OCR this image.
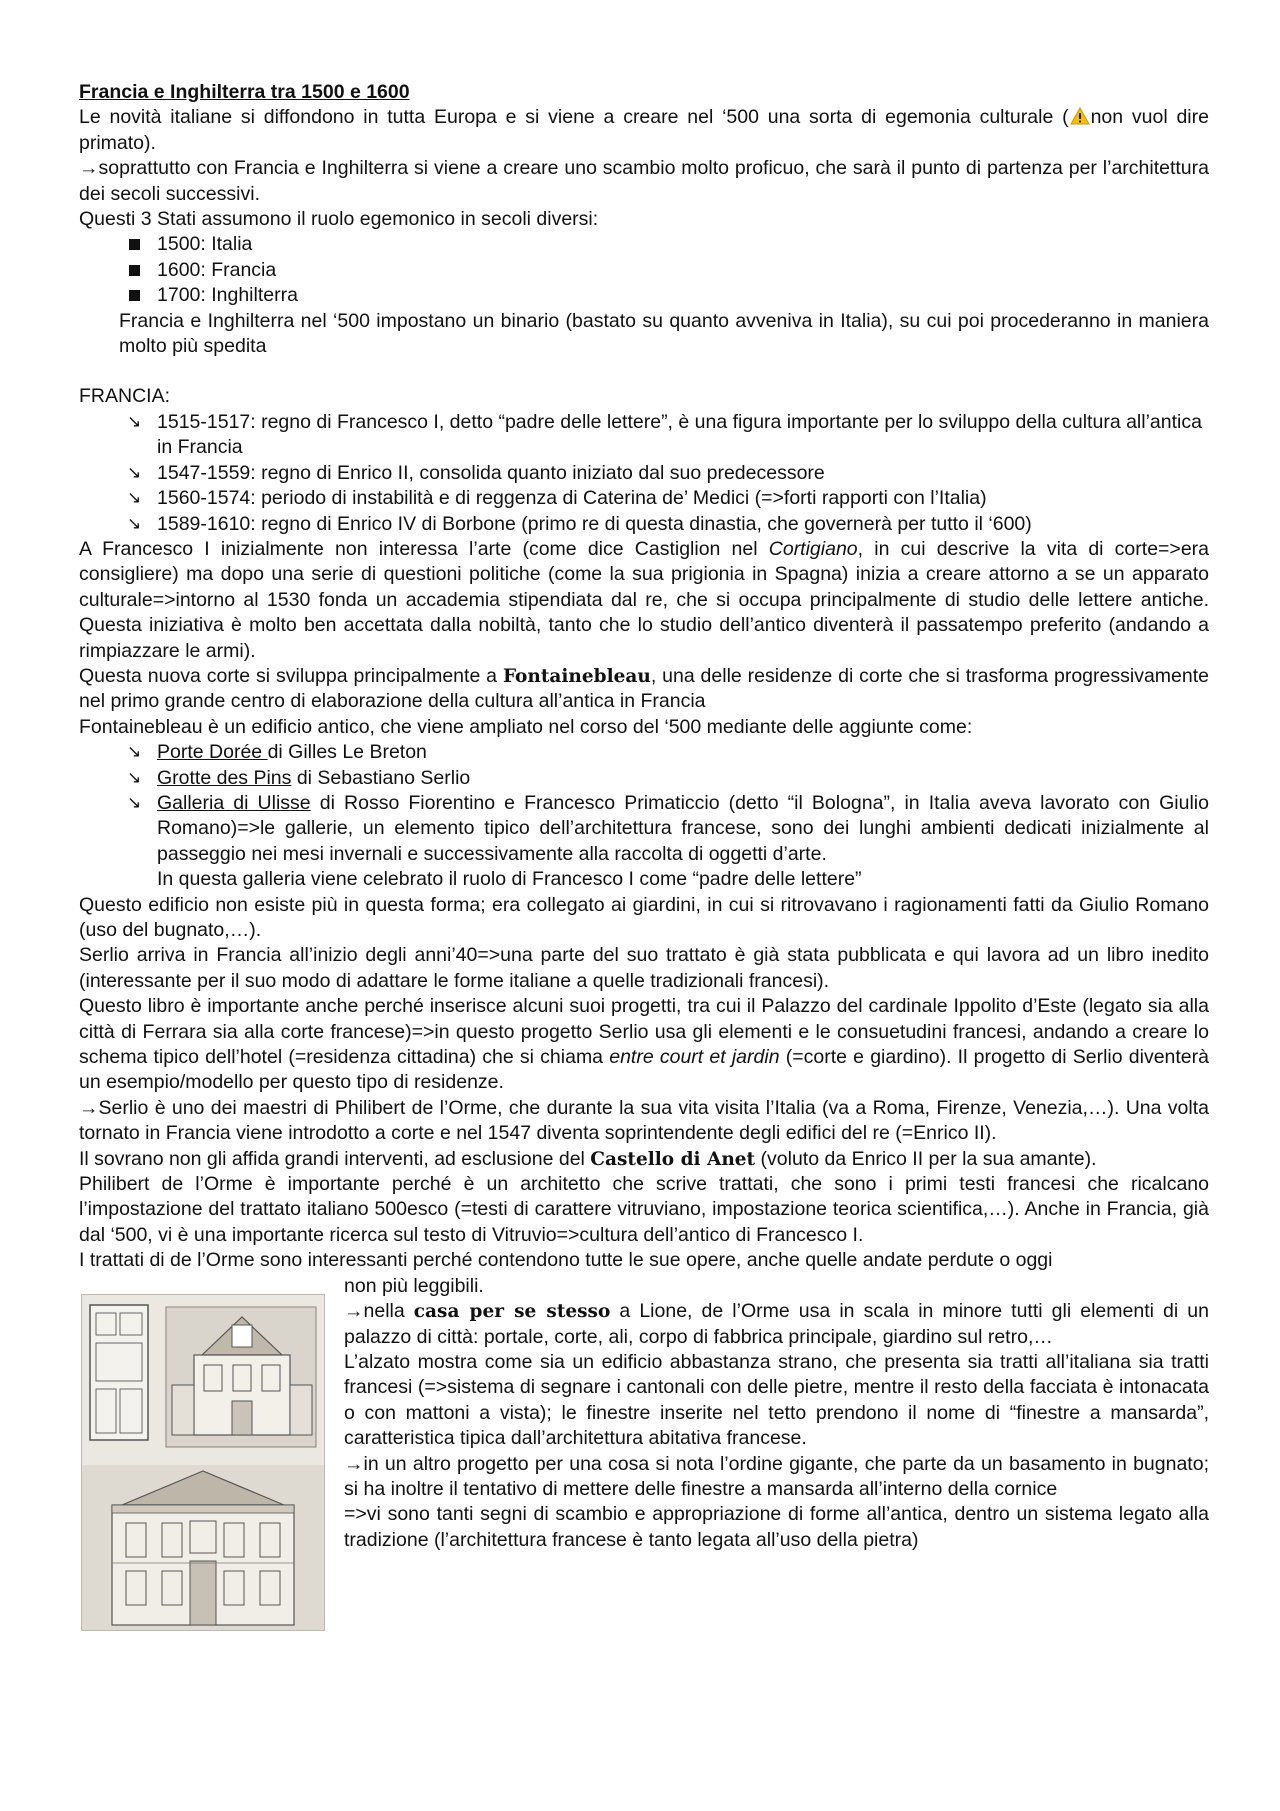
Francia e Inghilterra tra 1500 e 1600

Le novità italiane si diffondono in tutta Europa e si viene a creare nel ‘500 una sorta di egemonia culturale ( non vuol dire primato).

→soprattutto con Francia e Inghilterra si viene a creare uno scambio molto proficuo, che sarà il punto di partenza per l’architettura dei secoli successivi.

Questi 3 Stati assumono il ruolo egemonico in secoli diversi:

1500: Italia
1600: Francia
1700: Inghilterra

Francia e Inghilterra nel ‘500 impostano un binario (bastato su quanto avveniva in Italia), su cui poi procederanno in maniera molto più spedita

FRANCIA:

↘ 1515-1517: regno di Francesco I, detto “padre delle lettere”, è una figura importante per lo sviluppo della cultura all’antica in Francia
↘ 1547-1559: regno di Enrico II, consolida quanto iniziato dal suo predecessore
↘ 1560-1574: periodo di instabilità e di reggenza di Caterina de’ Medici (=>forti rapporti con l’Italia)
↘ 1589-1610: regno di Enrico IV di Borbone (primo re di questa dinastia, che governerà per tutto il ‘600)

A Francesco I inizialmente non interessa l’arte (come dice Castiglion nel Cortigiano, in cui descrive la vita di corte=>era consigliere) ma dopo una serie di questioni politiche (come la sua prigionia in Spagna) inizia a creare attorno a se un apparato culturale=>intorno al 1530 fonda un accademia stipendiata dal re, che si occupa principalmente di studio delle lettere antiche. Questa iniziativa è molto ben accettata dalla nobiltà, tanto che lo studio dell’antico diventerà il passatempo preferito (andando a rimpiazzare le armi).

Questa nuova corte si sviluppa principalmente a Fontainebleau, una delle residenze di corte che si trasforma progressivamente nel primo grande centro di elaborazione della cultura all’antica in Francia

Fontainebleau è un edificio antico, che viene ampliato nel corso del ‘500 mediante delle aggiunte come:

↘ Porte Dorée di Gilles Le Breton
↘ Grotte des Pins di Sebastiano Serlio
↘ Galleria di Ulisse di Rosso Fiorentino e Francesco Primaticcio (detto “il Bologna”, in Italia aveva lavorato con Giulio Romano)=>le gallerie, un elemento tipico dell’architettura francese, sono dei lunghi ambienti dedicati inizialmente al passeggio nei mesi invernali e successivamente alla raccolta di oggetti d’arte.

In questa galleria viene celebrato il ruolo di Francesco I come “padre delle lettere”

Questo edificio non esiste più in questa forma; era collegato ai giardini, in cui si ritrovavano i ragionamenti fatti da Giulio Romano (uso del bugnato,…).

Serlio arriva in Francia all’inizio degli anni’40=>una parte del suo trattato è già stata pubblicata e qui lavora ad un libro inedito (interessante per il suo modo di adattare le forme italiane a quelle tradizionali francesi).

Questo libro è importante anche perché inserisce alcuni suoi progetti, tra cui il Palazzo del cardinale Ippolito d’Este (legato sia alla città di Ferrara sia alla corte francese)=>in questo progetto Serlio usa gli elementi e le consuetudini francesi, andando a creare lo schema tipico dell’hotel (=residenza cittadina) che si chiama entre court et jardin (=corte e giardino). Il progetto di Serlio diventerà un esempio/modello per questo tipo di residenze.

→Serlio è uno dei maestri di Philibert de l’Orme, che durante la sua vita visita l’Italia (va a Roma, Firenze, Venezia,…). Una volta tornato in Francia viene introdotto a corte e nel 1547 diventa soprintendente degli edifici del re (=Enrico II).

Il sovrano non gli affida grandi interventi, ad esclusione del Castello di Anet (voluto da Enrico II per la sua amante).

Philibert de l’Orme è importante perché è un architetto che scrive trattati, che sono i primi testi francesi che ricalcano l’impostazione del trattato italiano 500esco (=testi di carattere vitruviano, impostazione teorica scientifica,…). Anche in Francia, già dal ‘500, vi è una importante ricerca sul testo di Vitruvio=>cultura dell’antico di Francesco I.

I trattati di de l’Orme sono interessanti perché contendono tutte le sue opere, anche quelle andate perdute o oggi

non più leggibili.

→nella casa per se stesso a Lione, de l’Orme usa in scala in minore tutti gli elementi di un palazzo di città: portale, corte, ali, corpo di fabbrica principale, giardino sul retro,…

L’alzato mostra come sia un edificio abbastanza strano, che presenta sia tratti all’italiana sia tratti francesi (=>sistema di segnare i cantonali con delle pietre, mentre il resto della facciata è intonacata o con mattoni a vista); le finestre inserite nel tetto prendono il nome di “finestre a mansarda”, caratteristica tipica dall’architettura abitativa francese.

→in un altro progetto per una cosa si nota l’ordine gigante, che parte da un basamento in bugnato; si ha inoltre il tentativo di mettere delle finestre a mansarda all’interno della cornice

=>vi sono tanti segni di scambio e appropriazione di forme all’antica, dentro un sistema legato alla tradizione (l’architettura francese è tanto legata all’uso della pietra)
